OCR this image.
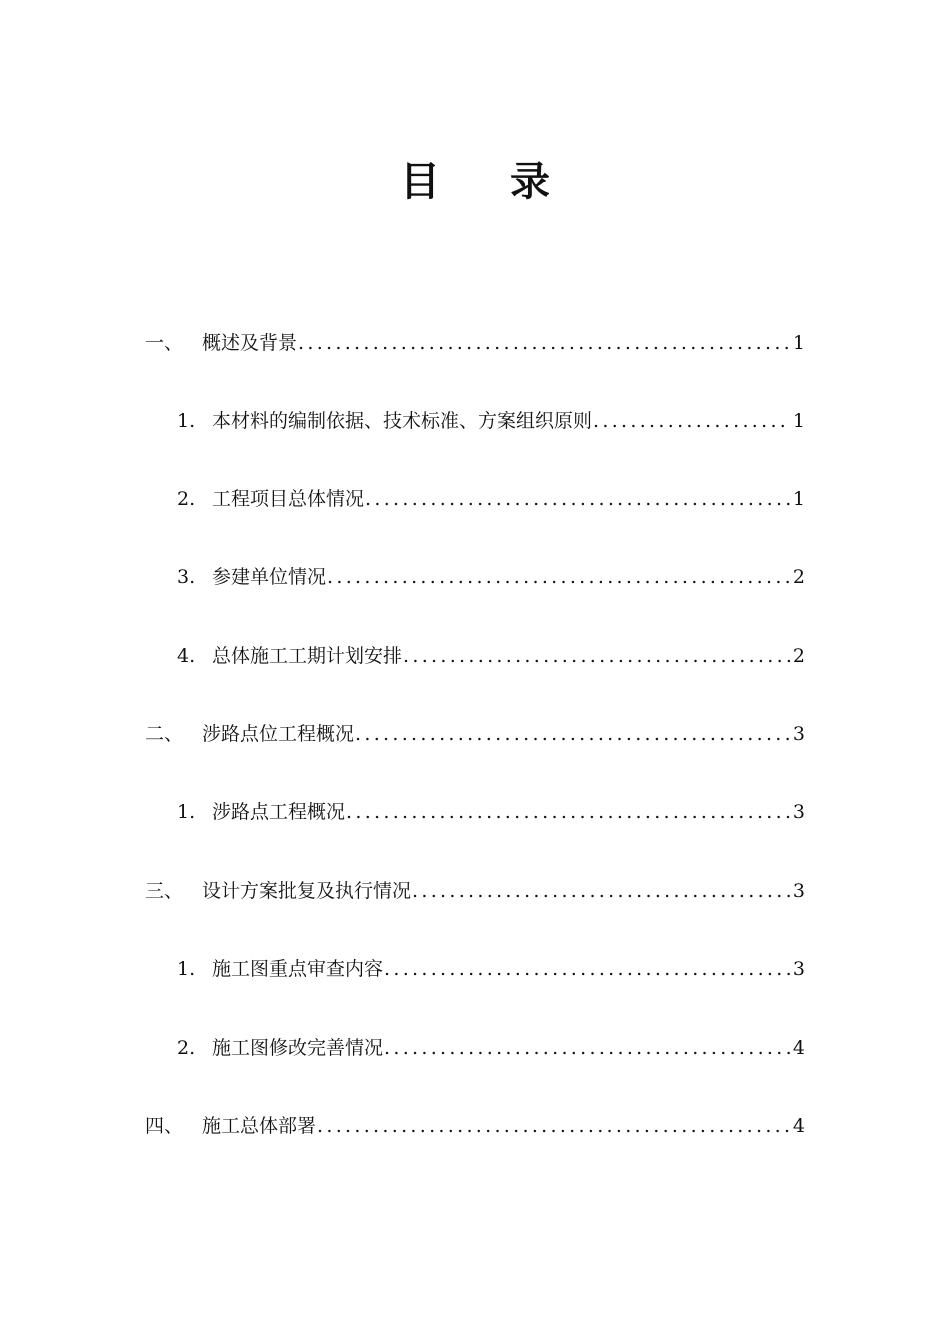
目 录
一、 概述及背景 .....	1
1. 本材料的编制依据、技术标准、方案组织原则 .....	1
2. 工程项目总体情况 .....	1
3. 参建单位情况 .....	2
4. 总体施工工期计划安排 .....	2
二、 涉路点位工程概况 .....	3
1. 涉路点工程概况 .....	3
三、 设计方案批复及执行情况 .....	3
1. 施工图重点审查内容 .....	3
2. 施工图修改完善情况 .....	4
四、 施工总体部署 .....	4
